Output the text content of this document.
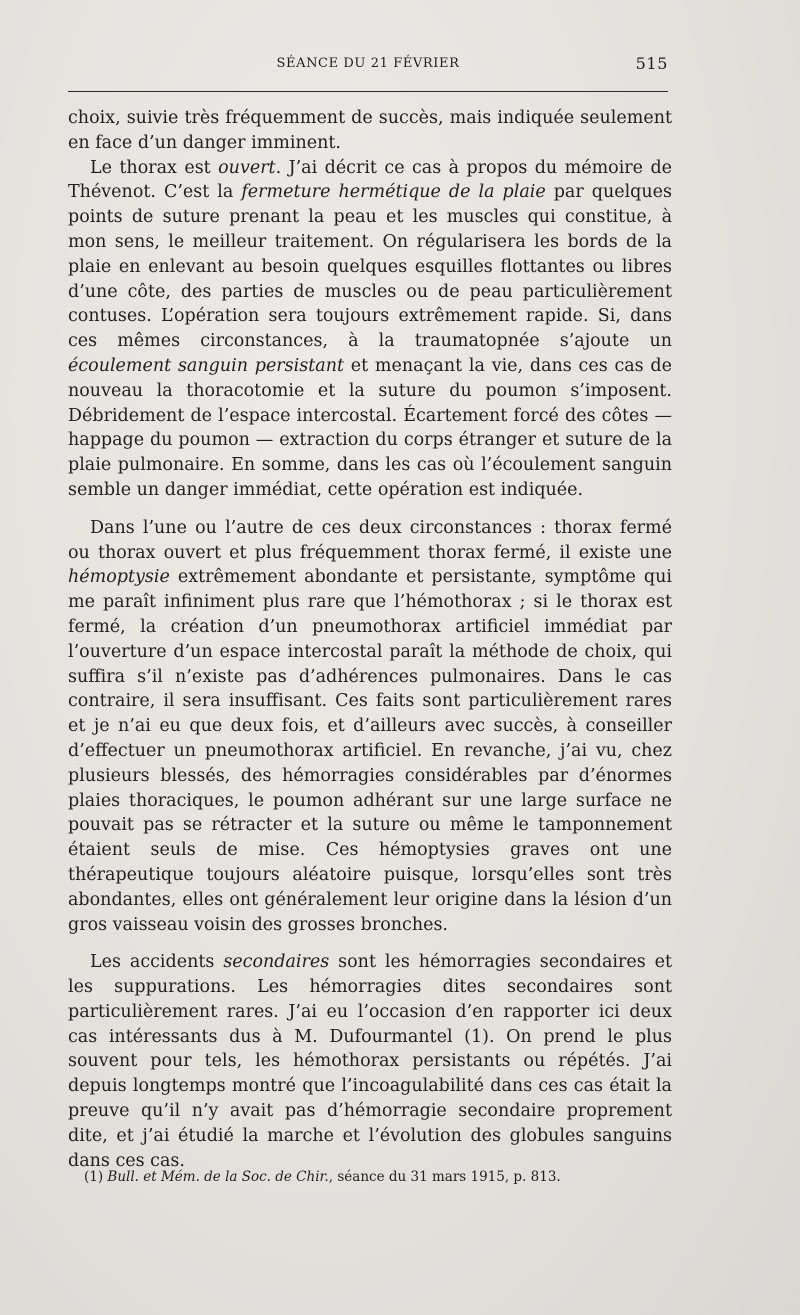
SÉANCE DU 21 FÉVRIER	515

choix, suivie très fréquemment de succès, mais indiquée seulement en face d’un danger imminent.

Le thorax est ouvert. J’ai décrit ce cas à propos du mémoire de Thévenot. C’est la fermeture hermétique de la plaie par quelques points de suture prenant la peau et les muscles qui constitue, à mon sens, le meilleur traitement. On régularisera les bords de la plaie en enlevant au besoin quelques esquilles flottantes ou libres d’une côte, des parties de muscles ou de peau particulièrement contuses. L’opération sera toujours extrêmement rapide. Si, dans ces mêmes circonstances, à la traumatopnée s’ajoute un écoulement sanguin persistant et menaçant la vie, dans ces cas de nouveau la thoracotomie et la suture du poumon s’imposent. Débridement de l’espace intercostal. Écartement forcé des côtes — happage du poumon — extraction du corps étranger et suture de la plaie pulmonaire. En somme, dans les cas où l’écoulement sanguin semble un danger immédiat, cette opération est indiquée.

Dans l’une ou l’autre de ces deux circonstances : thorax fermé ou thorax ouvert et plus fréquemment thorax fermé, il existe une hémoptysie extrêmement abondante et persistante, symptôme qui me paraît infiniment plus rare que l’hémothorax ; si le thorax est fermé, la création d’un pneumothorax artificiel immédiat par l’ouverture d’un espace intercostal paraît la méthode de choix, qui suffira s’il n’existe pas d’adhérences pulmonaires. Dans le cas contraire, il sera insuffisant. Ces faits sont particulièrement rares et je n’ai eu que deux fois, et d’ailleurs avec succès, à conseiller d’effectuer un pneumothorax artificiel. En revanche, j’ai vu, chez plusieurs blessés, des hémorragies considérables par d’énormes plaies thoraciques, le poumon adhérant sur une large surface ne pouvait pas se rétracter et la suture ou même le tamponnement étaient seuls de mise. Ces hémoptysies graves ont une thérapeutique toujours aléatoire puisque, lorsqu’elles sont très abondantes, elles ont généralement leur origine dans la lésion d’un gros vaisseau voisin des grosses bronches.

Les accidents secondaires sont les hémorragies secondaires et les suppurations. Les hémorragies dites secondaires sont particulièrement rares. J’ai eu l’occasion d’en rapporter ici deux cas intéressants dus à M. Dufourmantel (1). On prend le plus souvent pour tels, les hémothorax persistants ou répétés. J’ai depuis longtemps montré que l’incoagulabilité dans ces cas était la preuve qu’il n’y avait pas d’hémorragie secondaire proprement dite, et j’ai étudié la marche et l’évolution des globules sanguins dans ces cas.

(1) Bull. et Mém. de la Soc. de Chir., séance du 31 mars 1915, p. 813.
